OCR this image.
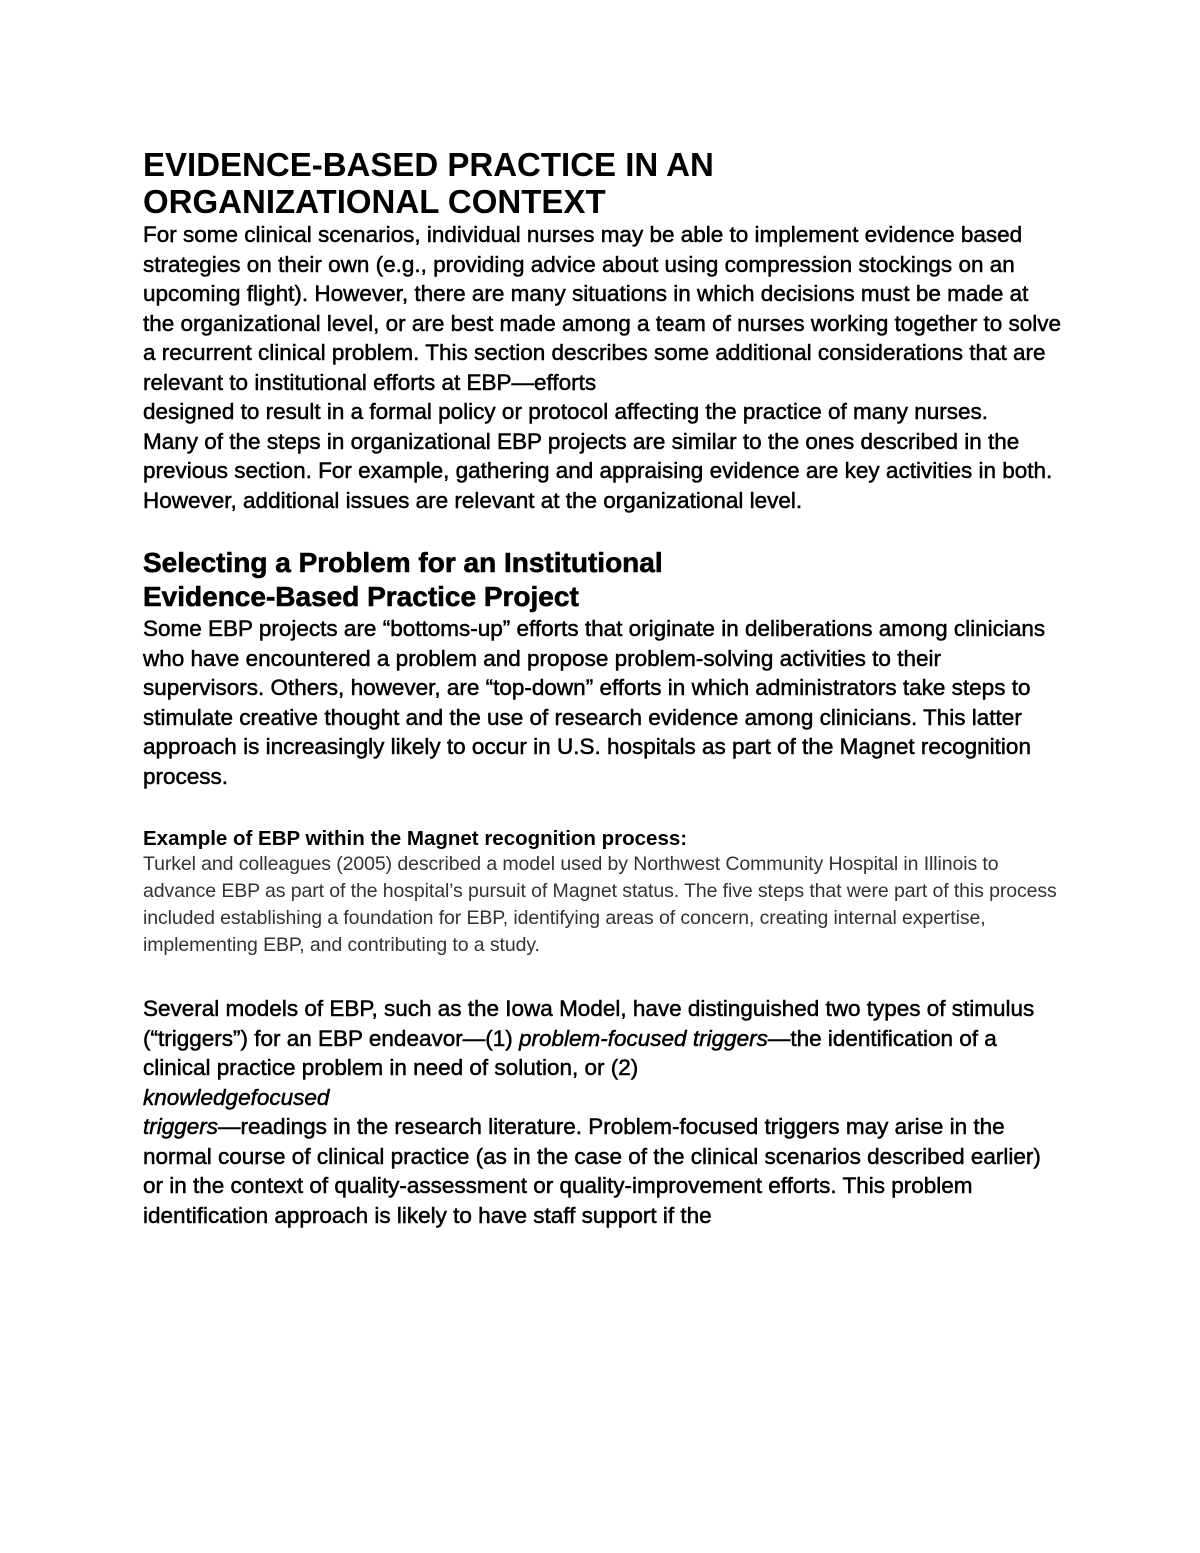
EVIDENCE-BASED PRACTICE IN AN
ORGANIZATIONAL CONTEXT

For some clinical scenarios, individual nurses may be able to implement evidence based strategies on their own (e.g., providing advice about using compression stockings on an upcoming flight). However, there are many situations in which decisions must be made at the organizational level, or are best made among a team of nurses working together to solve a recurrent clinical problem. This section describes some additional considerations that are relevant to institutional efforts at EBP—efforts
designed to result in a formal policy or protocol affecting the practice of many nurses.

Many of the steps in organizational EBP projects are similar to the ones described in the previous section. For example, gathering and appraising evidence are key activities in both. However, additional issues are relevant at the organizational level.

Selecting a Problem for an Institutional
Evidence-Based Practice Project

Some EBP projects are “bottoms-up” efforts that originate in deliberations among clinicians who have encountered a problem and propose problem-solving activities to their supervisors. Others, however, are “top-down” efforts in which administrators take steps to stimulate creative thought and the use of research evidence among clinicians. This latter approach is increasingly likely to occur in U.S. hospitals as part of the Magnet recognition process.

Example of EBP within the Magnet recognition process:

Turkel and colleagues (2005) described a model used by Northwest Community Hospital in Illinois to advance EBP as part of the hospital’s pursuit of Magnet status. The five steps that were part of this process included establishing a foundation for EBP, identifying areas of concern, creating internal expertise, implementing EBP, and contributing to a study.

Several models of EBP, such as the Iowa Model, have distinguished two types of stimulus (“triggers”) for an EBP endeavor—(1) problem-focused triggers—the identification of a clinical practice problem in need of solution, or (2)
knowledgefocused
triggers—readings in the research literature. Problem-focused triggers may arise in the normal course of clinical practice (as in the case of the clinical scenarios described earlier) or in the context of quality-assessment or quality-improvement efforts. This problem identification approach is likely to have staff support if the
